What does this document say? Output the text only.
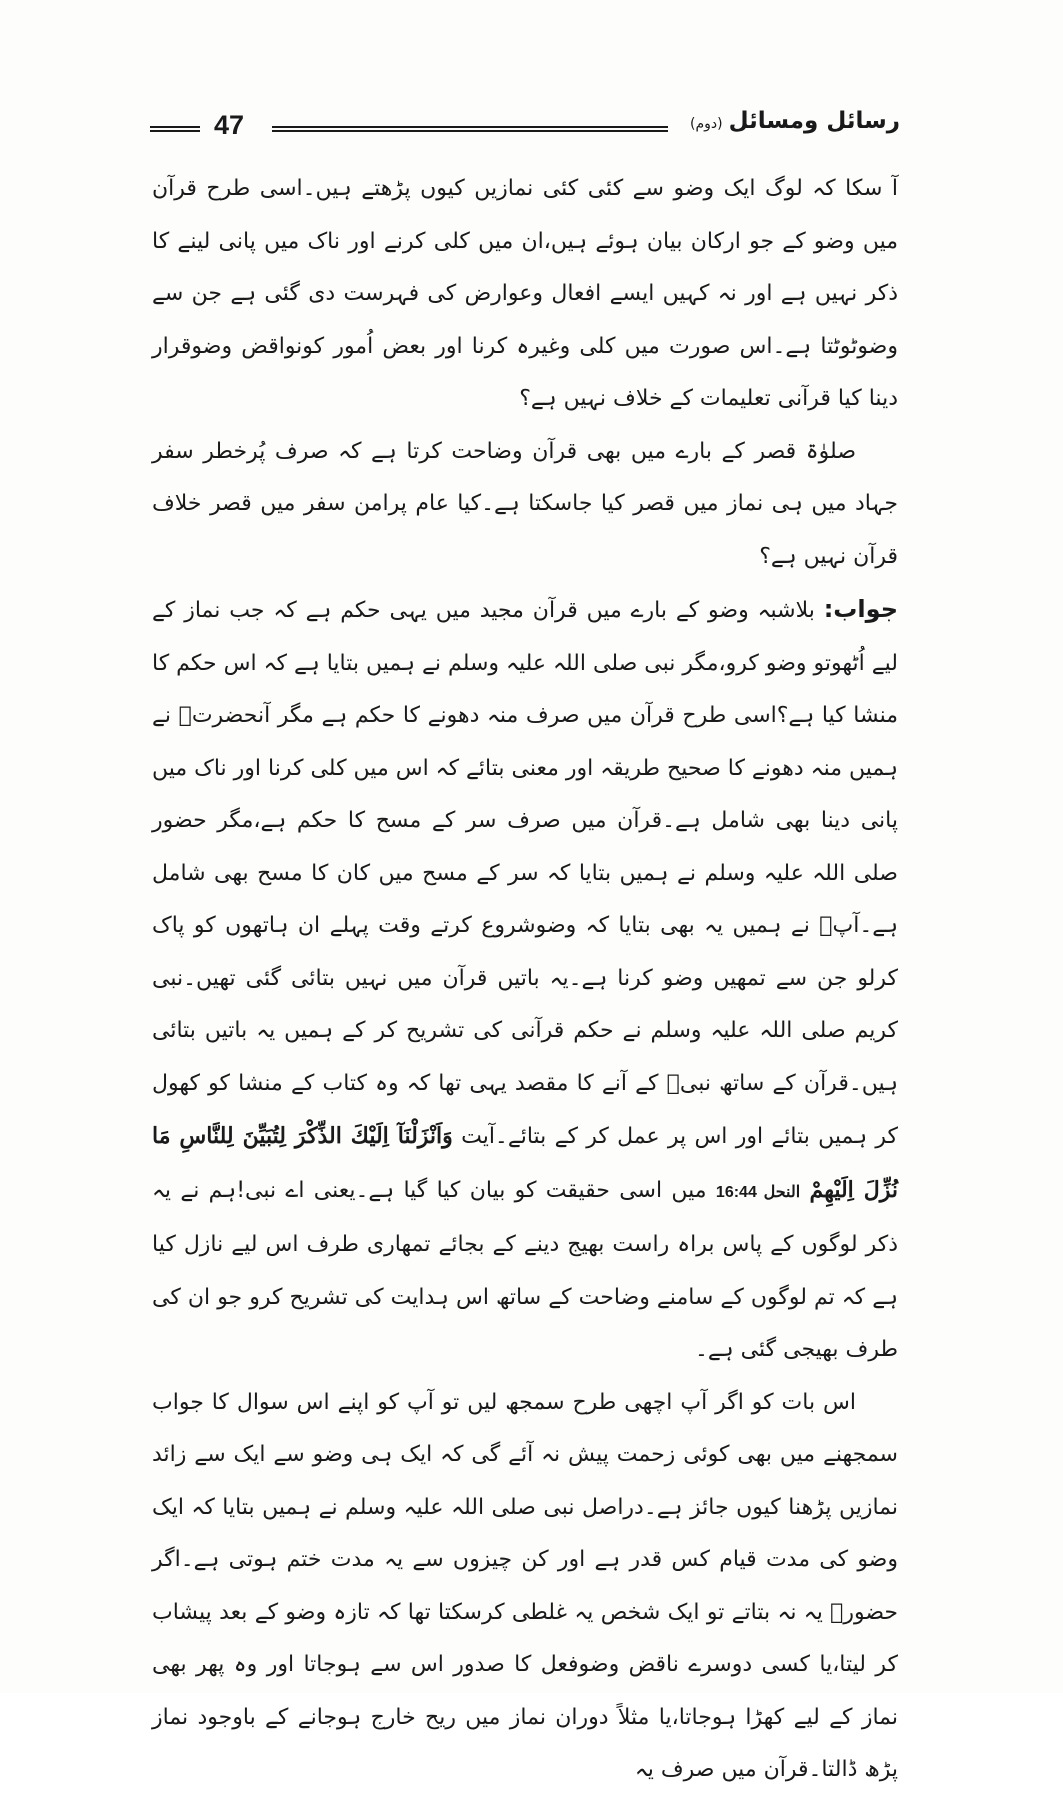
رسائل ومسائل(دوم)
47

آ سکا کہ لوگ ایک وضو سے کئی کئی نمازیں کیوں پڑھتے ہیں۔اسی طرح قرآن میں وضو کے جو ارکان بیان ہوئے ہیں،ان میں کلی کرنے اور ناک میں پانی لینے کا ذکر نہیں ہے اور نہ کہیں ایسے افعال وعوارض کی فہرست دی گئی ہے جن سے وضوٹوٹتا ہے۔اس صورت میں کلی وغیرہ کرنا اور بعض اُمور کونواقض وضوقرار دینا کیا قرآنی تعلیمات کے خلاف نہیں ہے؟

صلوٰۃ قصر کے بارے میں بھی قرآن وضاحت کرتا ہے کہ صرف پُرخطر سفر جہاد میں ہی نماز میں قصر کیا جاسکتا ہے۔کیا عام پرامن سفر میں قصر خلاف قرآن نہیں ہے؟

جواب: بلاشبہ وضو کے بارے میں قرآن مجید میں یہی حکم ہے کہ جب نماز کے لیے اُٹھوتو وضو کرو،مگر نبی صلی اللہ علیہ وسلم نے ہمیں بتایا ہے کہ اس حکم کا منشا کیا ہے؟اسی طرح قرآن میں صرف منہ دھونے کا حکم ہے مگر آنحضرتؐ نے ہمیں منہ دھونے کا صحیح طریقہ اور معنی بتائے کہ اس میں کلی کرنا اور ناک میں پانی دینا بھی شامل ہے۔قرآن میں صرف سر کے مسح کا حکم ہے،مگر حضور صلی اللہ علیہ وسلم نے ہمیں بتایا کہ سر کے مسح میں کان کا مسح بھی شامل ہے۔آپؐ نے ہمیں یہ بھی بتایا کہ وضوشروع کرتے وقت پہلے ان ہاتھوں کو پاک کرلو جن سے تمھیں وضو کرنا ہے۔یہ باتیں قرآن میں نہیں بتائی گئی تھیں۔نبی کریم صلی اللہ علیہ وسلم نے حکم قرآنی کی تشریح کر کے ہمیں یہ باتیں بتائی ہیں۔قرآن کے ساتھ نبیؐ کے آنے کا مقصد یہی تھا کہ وہ کتاب کے منشا کو کھول کر ہمیں بتائے اور اس پر عمل کر کے بتائے۔آیت وَاَنْزَلْنَآ اِلَيْكَ الذِّكْرَ لِتُبَيِّنَ لِلنَّاسِ مَا نُزِّلَ اِلَيْهِمْ النحل 16:44 میں اسی حقیقت کو بیان کیا گیا ہے۔یعنی اے نبی!ہم نے یہ ذکر لوگوں کے پاس براہ راست بھیج دینے کے بجائے تمھاری طرف اس لیے نازل کیا ہے کہ تم لوگوں کے سامنے وضاحت کے ساتھ اس ہدایت کی تشریح کرو جو ان کی طرف بھیجی گئی ہے۔

اس بات کو اگر آپ اچھی طرح سمجھ لیں تو آپ کو اپنے اس سوال کا جواب سمجھنے میں بھی کوئی زحمت پیش نہ آئے گی کہ ایک ہی وضو سے ایک سے زائد نمازیں پڑھنا کیوں جائز ہے۔دراصل نبی صلی اللہ علیہ وسلم نے ہمیں بتایا کہ ایک وضو کی مدت قیام کس قدر ہے اور کن چیزوں سے یہ مدت ختم ہوتی ہے۔اگر حضورؐ یہ نہ بتاتے تو ایک شخص یہ غلطی کرسکتا تھا کہ تازہ وضو کے بعد پیشاب کر لیتا،یا کسی دوسرے ناقض وضوفعل کا صدور اس سے ہوجاتا اور وہ پھر بھی نماز کے لیے کھڑا ہوجاتا،یا مثلاً دوران نماز میں ریح خارج ہوجانے کے باوجود نماز پڑھ ڈالتا۔قرآن میں صرف یہ
